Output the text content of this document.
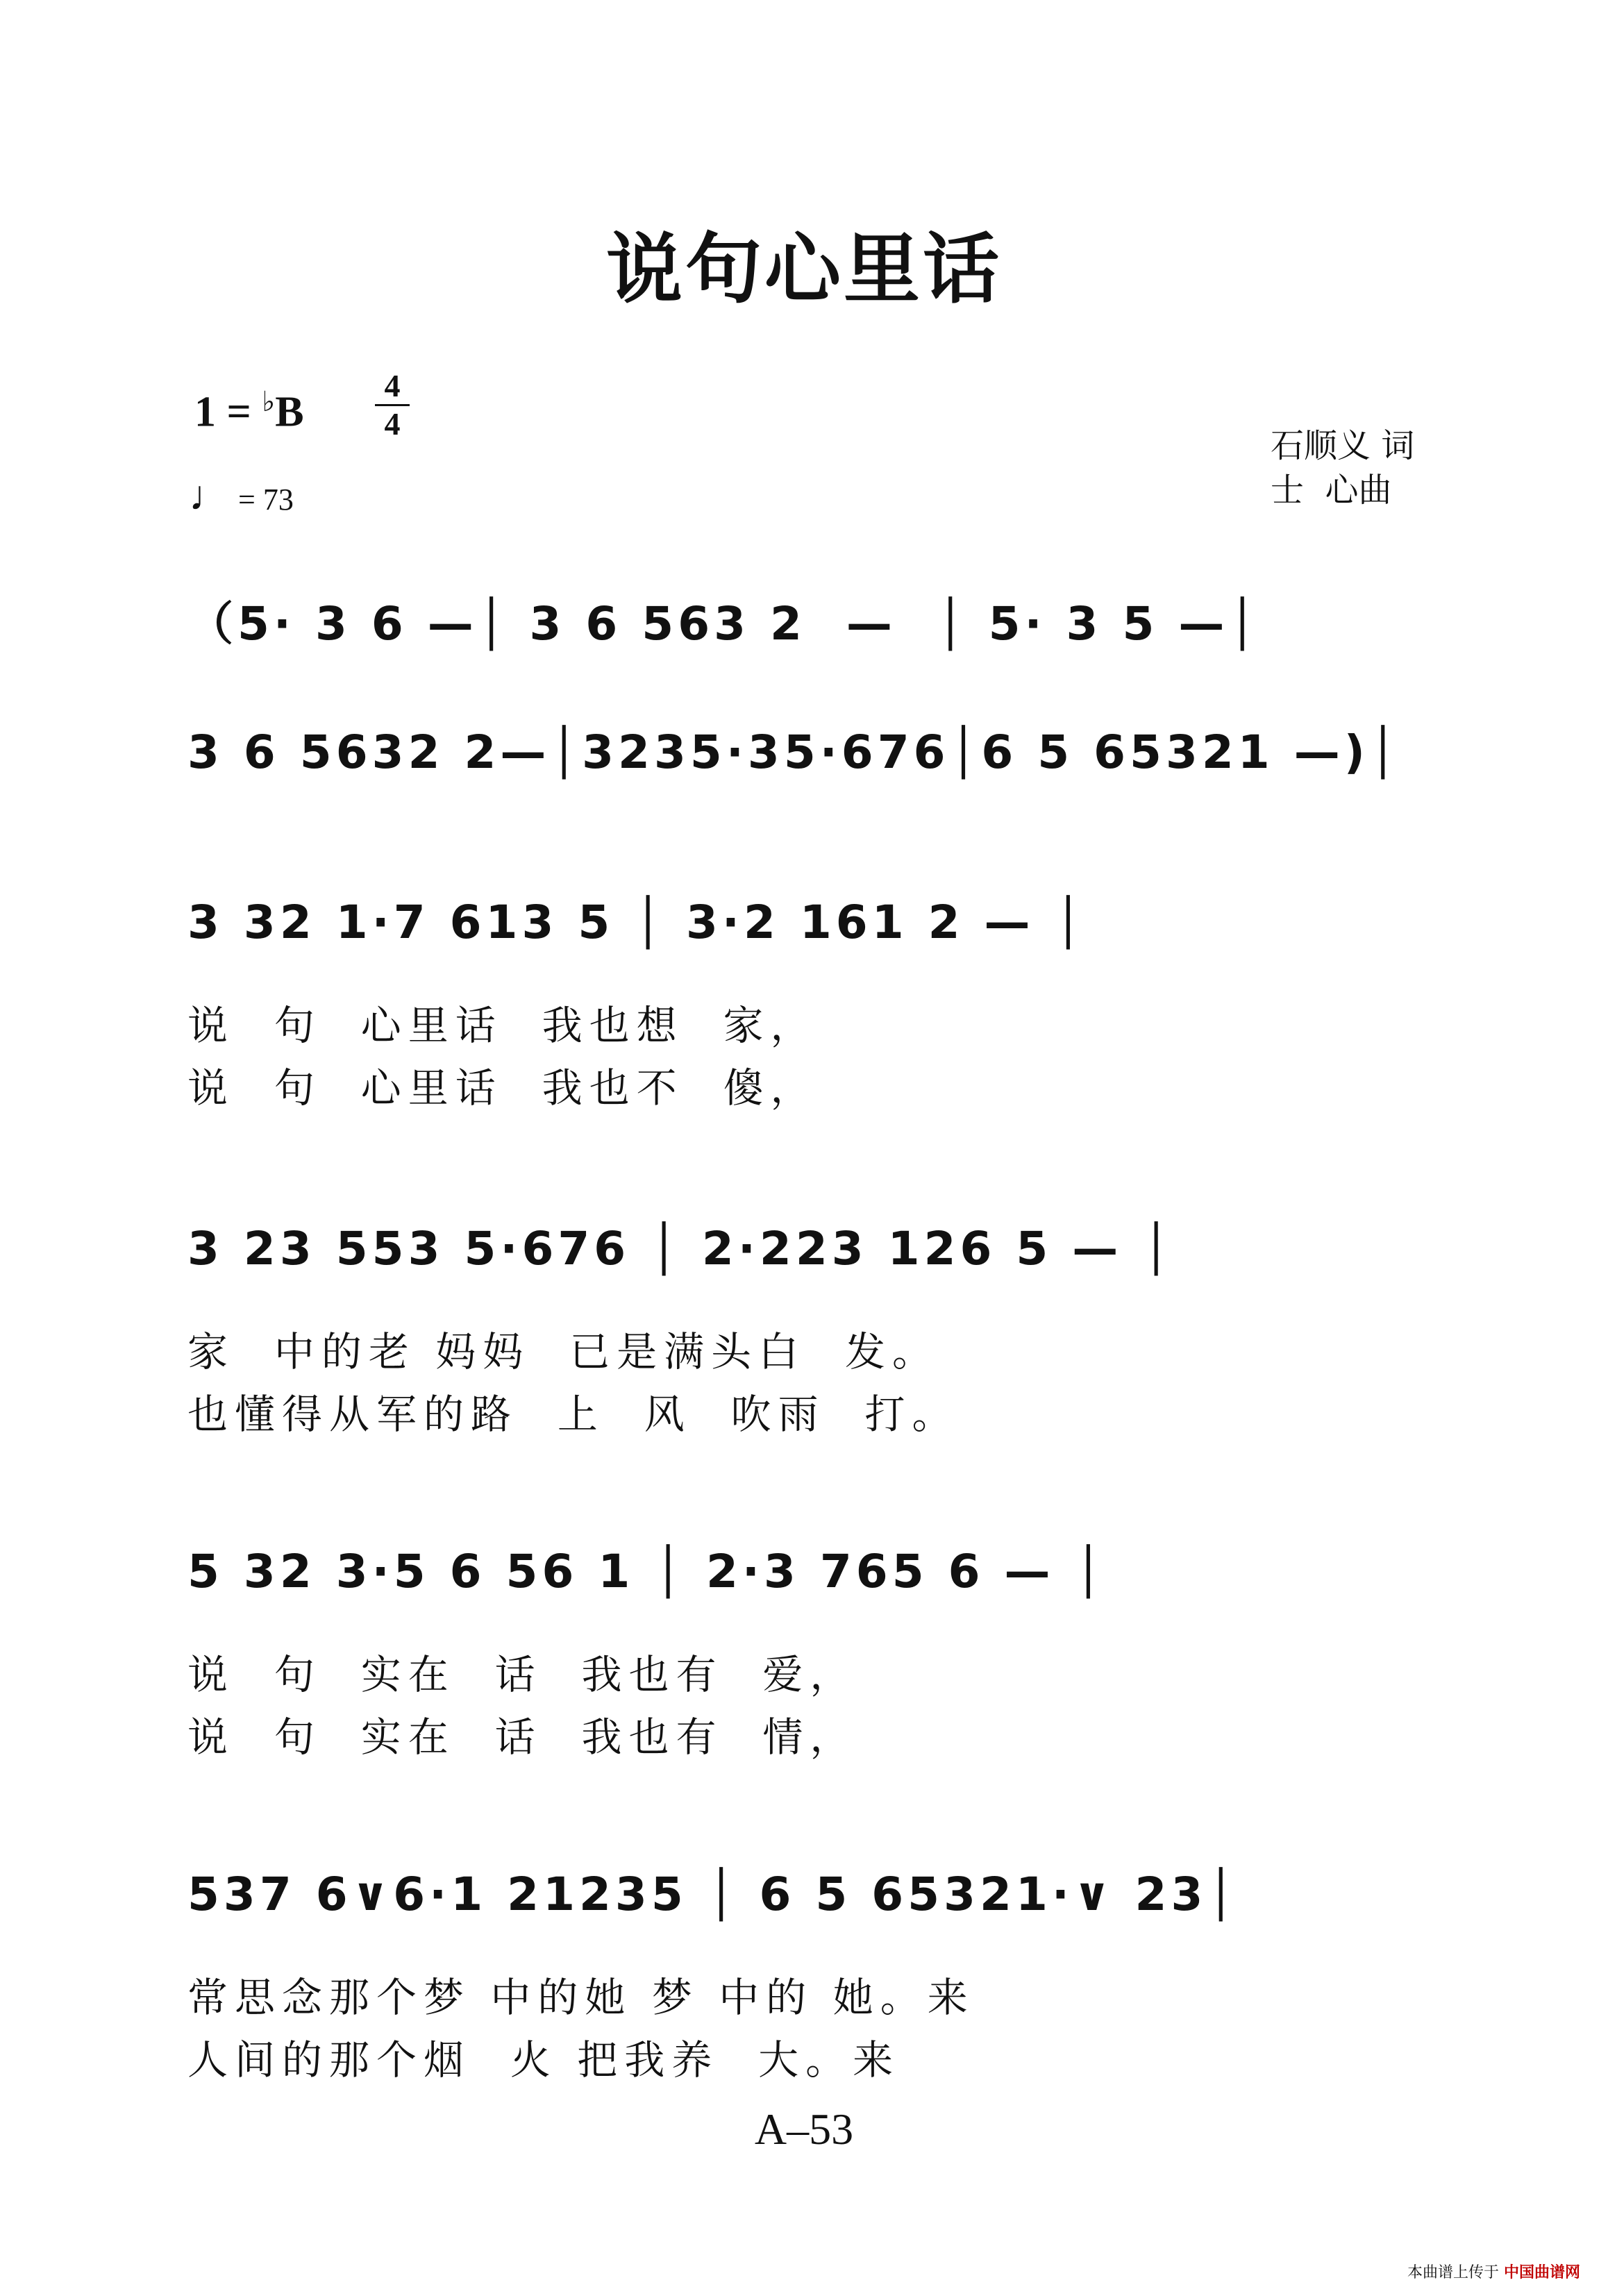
说句心里话
1 = ♭B
4
4
♩ = 73
石顺义 词
士  心曲
（5· 3 6 —│ 3 6 563 2  —  │ 5· 3 5 —│
3 6 5632 2—│3235·35·676│6 5 65321 —)│
3 32 1·7 613 5 │ 3·2 161 2 — │
说  句  心里话  我也想  家，
说  句  心里话  我也不  傻，
3 23 553 5·676 │ 2·223 126 5 — │
家  中的老 妈妈  已是满头白  发。
也懂得从军的路  上  风  吹雨  打。
5 32 3·5 6 56 1 │ 2·3 765 6 — │
说  句  实在  话  我也有  爱，
说  句  实在  话  我也有  情，
537 6∨6·1 21235 │ 6 5 65321·∨ 23│
常思念那个梦 中的她 梦 中的 她。来
人间的那个烟  火 把我养  大。来
A–53
本曲谱上传于 中国曲谱网
